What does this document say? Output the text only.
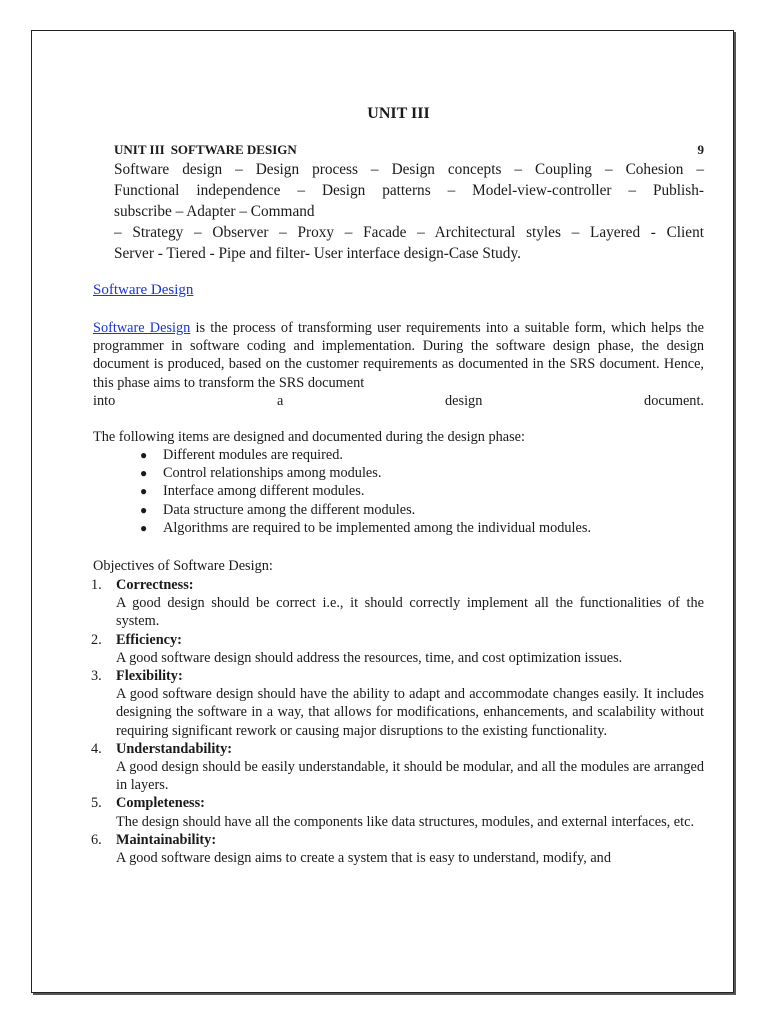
UNIT III
UNIT III SOFTWARE DESIGN	9

Software design – Design process – Design concepts – Coupling – Cohesion –
Functional independence – Design patterns – Model-view-controller – Publish-
subscribe – Adapter – Command
– Strategy – Observer – Proxy – Facade – Architectural styles – Layered - Client
Server - Tiered - Pipe and filter- User interface design-Case Study.

Software Design

Software Design is the process of transforming user requirements into a suitable form, which helps the programmer in software coding and implementation. During the software design phase, the design document is produced, based on the customer requirements as documented in the SRS document. Hence, this phase aims to transform the SRS document
into	a	design	document.

The following items are designed and documented during the design phase:

● Different modules are required.
● Control relationships among modules.
● Interface among different modules.
● Data structure among the different modules.
● Algorithms are required to be implemented among the individual modules.

Objectives of Software Design:

1. Correctness:
A good design should be correct i.e., it should correctly implement all the functionalities of the system.
2. Efficiency:
A good software design should address the resources, time, and cost optimization issues.
3. Flexibility:
A good software design should have the ability to adapt and accommodate changes easily. It includes designing the software in a way, that allows for modifications, enhancements, and scalability without requiring significant rework or causing major disruptions to the existing functionality.
4. Understandability:
A good design should be easily understandable, it should be modular, and all the modules are arranged in layers.
5. Completeness:
The design should have all the components like data structures, modules, and external interfaces, etc.
6. Maintainability:
A good software design aims to create a system that is easy to understand, modify, and
